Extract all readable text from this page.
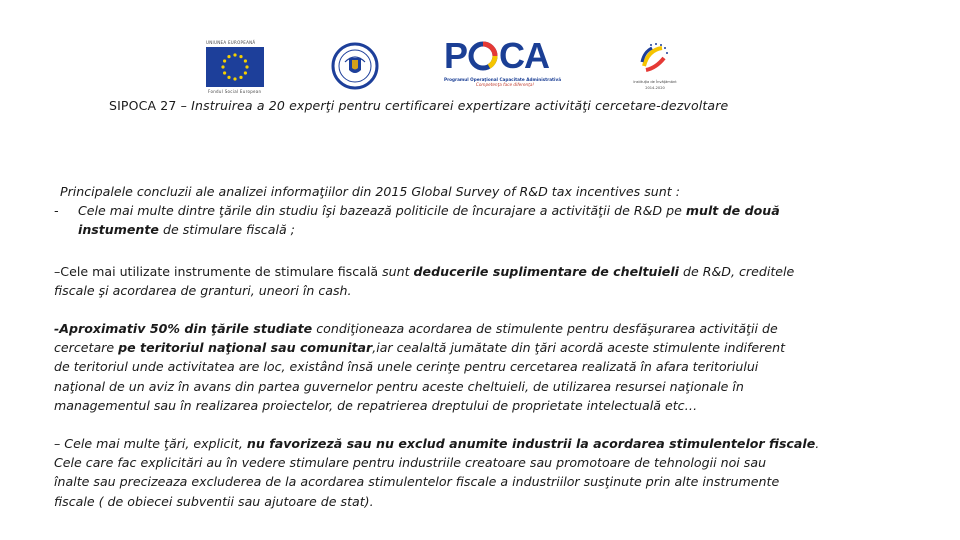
UNIUNEA EUROPEANĂ
Fondul Social European
P CA
Programul Operaţional Capacitate Administrativă
Competenţa face diferenţa!	Instituţia de Învăţământ
2014-2020
SIPOCA 27 – Instruirea a 20 experţi pentru certificarei expertizare activităţi cercetare-dezvoltare
Principalele concluzii ale analizei informaţiilor din 2015 Global Survey of R&D tax incentives sunt :
- Cele mai multe dintre ţările din studiu îşi bazează politicile de încurajare a activităţii de R&D pe mult de două
instumente de stimulare fiscală ;

–Cele mai utilizate instrumente de stimulare fiscală sunt deducerile suplimentare de cheltuieli de R&D, creditele

fiscale şi acordarea de granturi, uneori în cash.

-Aproximativ 50% din ţările studiate condiţioneaza acordarea de stimulente pentru desfăşurarea activităţii de

cercetare pe teritoriul naţional sau comunitar,iar cealaltă jumătate din ţări acordă aceste stimulente indiferent

de teritoriul unde activitatea are loc, existând însă unele cerinţe pentru cercetarea realizată în afara teritoriului

naţional de un aviz în avans din partea guvernelor pentru aceste cheltuieli, de utilizarea resursei naţionale în

managementul sau în realizarea proiectelor, de repatrierea dreptului de proprietate intelectuală etc…

– Cele mai multe ţări, explicit, nu favorizeză sau nu exclud anumite industrii la acordarea stimulentelor fiscale.

Cele care fac explicitări au în vedere stimulare pentru industriile creatoare sau promotoare de tehnologii noi sau

înalte sau precizeaza excluderea de la acordarea stimulentelor fiscale a industriilor susţinute prin alte instrumente

fiscale ( de obiecei subventii sau ajutoare de stat).
